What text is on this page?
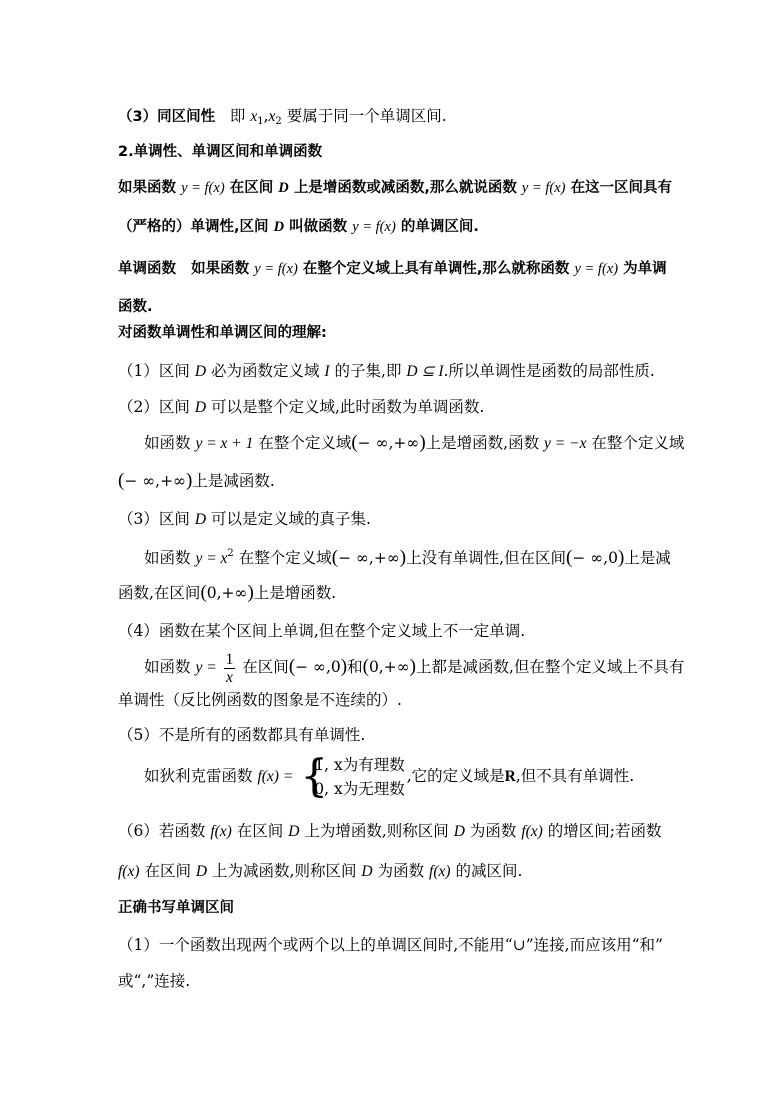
（3）同区间性 即 x1,x2 要属于同一个单调区间.
2.单调性、单调区间和单调函数
如果函数 y = f(x) 在区间 D 上是增函数或减函数,那么就说函数 y = f(x) 在这一区间具有
（严格的）单调性,区间 D 叫做函数 y = f(x) 的单调区间.
单调函数 如果函数 y = f(x) 在整个定义域上具有单调性,那么就称函数 y = f(x) 为单调
函数.
对函数单调性和单调区间的理解:
（1）区间 D 必为函数定义域 I 的子集,即 D ⊆ I.所以单调性是函数的局部性质.
（2）区间 D 可以是整个定义域,此时函数为单调函数.
如函数 y = x + 1 在整个定义域(− ∞,+∞)上是增函数,函数 y = −x 在整个定义域
(− ∞,+∞)上是减函数.
（3）区间 D 可以是定义域的真子集.
如函数 $y = x^2$ 在整个定义域(− ∞,+∞)上没有单调性,但在区间(− ∞,0)上是减
函数,在区间(0,+∞)上是增函数.
（4）函数在某个区间上单调,但在整个定义域上不一定单调.
如函数 $y = \frac{1}{x}$ 在区间(− ∞,0)和(0,+∞)上都是减函数,但在整个定义域上不具有
单调性（反比例函数的图象是不连续的）.
（5）不是所有的函数都具有单调性.
如狄利克雷函数 f(x) = {
1, x为有理数
0, x为无理数
,它的定义域是R,但不具有单调性.
（6）若函数 f(x) 在区间 D 上为增函数,则称区间 D 为函数 f(x) 的增区间;若函数
f(x) 在区间 D 上为减函数,则称区间 D 为函数 f(x) 的减区间.
正确书写单调区间
（1）一个函数出现两个或两个以上的单调区间时,不能用“∪”连接,而应该用“和”
或“,”连接.
